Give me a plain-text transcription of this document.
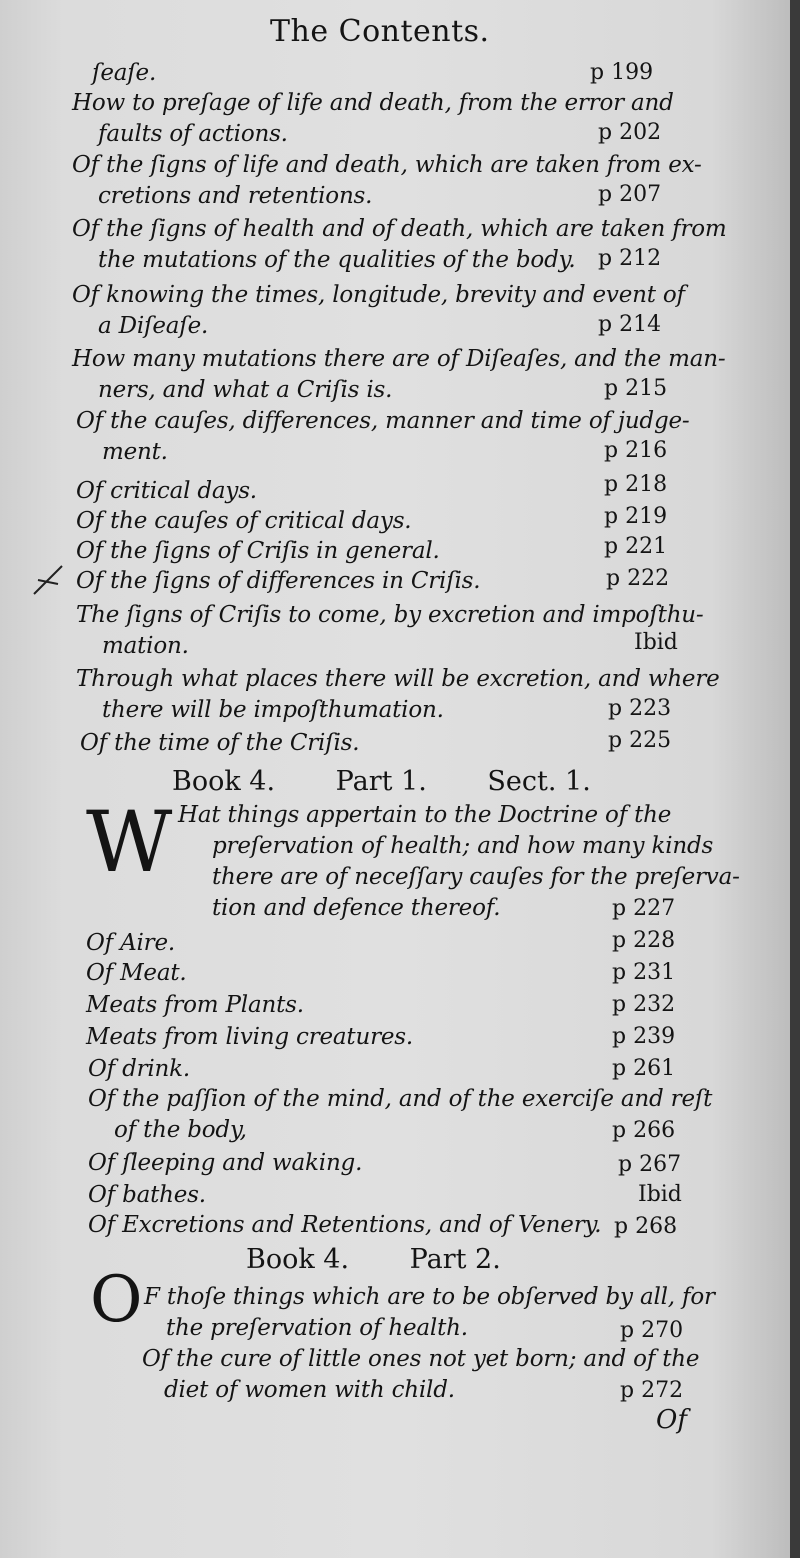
The Contents.
ſeaſe.	p 199
How to preſage of life and death, from the error and
faults of actions.	p 202
Of the ſigns of life and death, which are taken from ex-
cretions and retentions.	p 207
Of the ſigns of health and of death, which are taken from
the mutations of the qualities of the body.	p 212
Of knowing the times, longitude, brevity and event of
a Diſeaſe.	p 214
How many mutations there are of Diſeaſes, and the man-
ners, and what a Criſis is.	p 215
Of the cauſes, differences, manner and time of judge-
ment.	p 216
Of critical days.	p 218
Of the cauſes of critical days.	p 219
Of the ſigns of Criſis in general.	p 221
Of the ſigns of differences in Criſis.	p 222
The ſigns of Criſis to come, by excretion and impoſthu-
mation.	Ibid
Through what places there will be excretion, and where
there will be impoſthumation.	p 223
Of the time of the Criſis.	p 225
Book 4. Part 1. Sect. 1.
W Hat things appertain to the Doctrine of the
preſervation of health; and how many kinds
there are of neceſſary cauſes for the preſerva-
tion and defence thereof.	p 227
Of Aire.	p 228
Of Meat.	p 231
Meats from Plants.	p 232
Meats from living creatures.	p 239
Of drink.	p 261
Of the paſſion of the mind, and of the exerciſe and reſt
of the body,	p 266
Of ſleeping and waking.	p 267
Of bathes.	Ibid
Of Excretions and Retentions, and of Venery. p 268
Book 4. Part 2.
O F thoſe things which are to be obſerved by all, for
the preſervation of health.	p 270
Of the cure of little ones not yet born; and of the
diet of women with child.	p 272
Of
